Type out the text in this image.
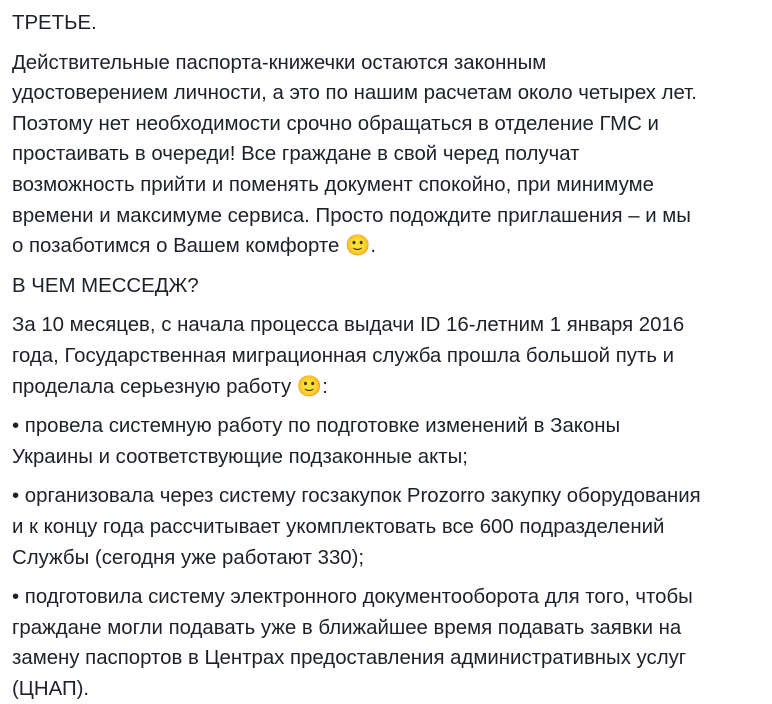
ТРЕТЬЕ.

Действительные паспорта-книжечки остаются законным
удостоверением личности, а это по нашим расчетам около четырех лет.
Поэтому нет необходимости срочно обращаться в отделение ГМС и
простаивать в очереди! Все граждане в свой черед получат
возможность прийти и поменять документ спокойно, при минимуме
времени и максимуме сервиса. Просто подождите приглашения – и мы
о позаботимся о Вашем комфорте 🙂.

В ЧЕМ МЕССЕДЖ?

За 10 месяцев, с начала процесса выдачи ID 16-летним 1 января 2016
года, Государственная миграционная служба прошла большой путь и
проделала серьезную работу 🙂:

• провела системную работу по подготовке изменений в Законы
Украины и соответствующие подзаконные акты;

• организовала через систему госзакупок Prozorro закупку оборудования
и к концу года рассчитывает укомплектовать все 600 подразделений
Службы (сегодня уже работают 330);

• подготовила систему электронного документооборота для того, чтобы
граждане могли подавать уже в ближайшее время подавать заявки на
замену паспортов в Центрах предоставления административных услуг
(ЦНАП).
